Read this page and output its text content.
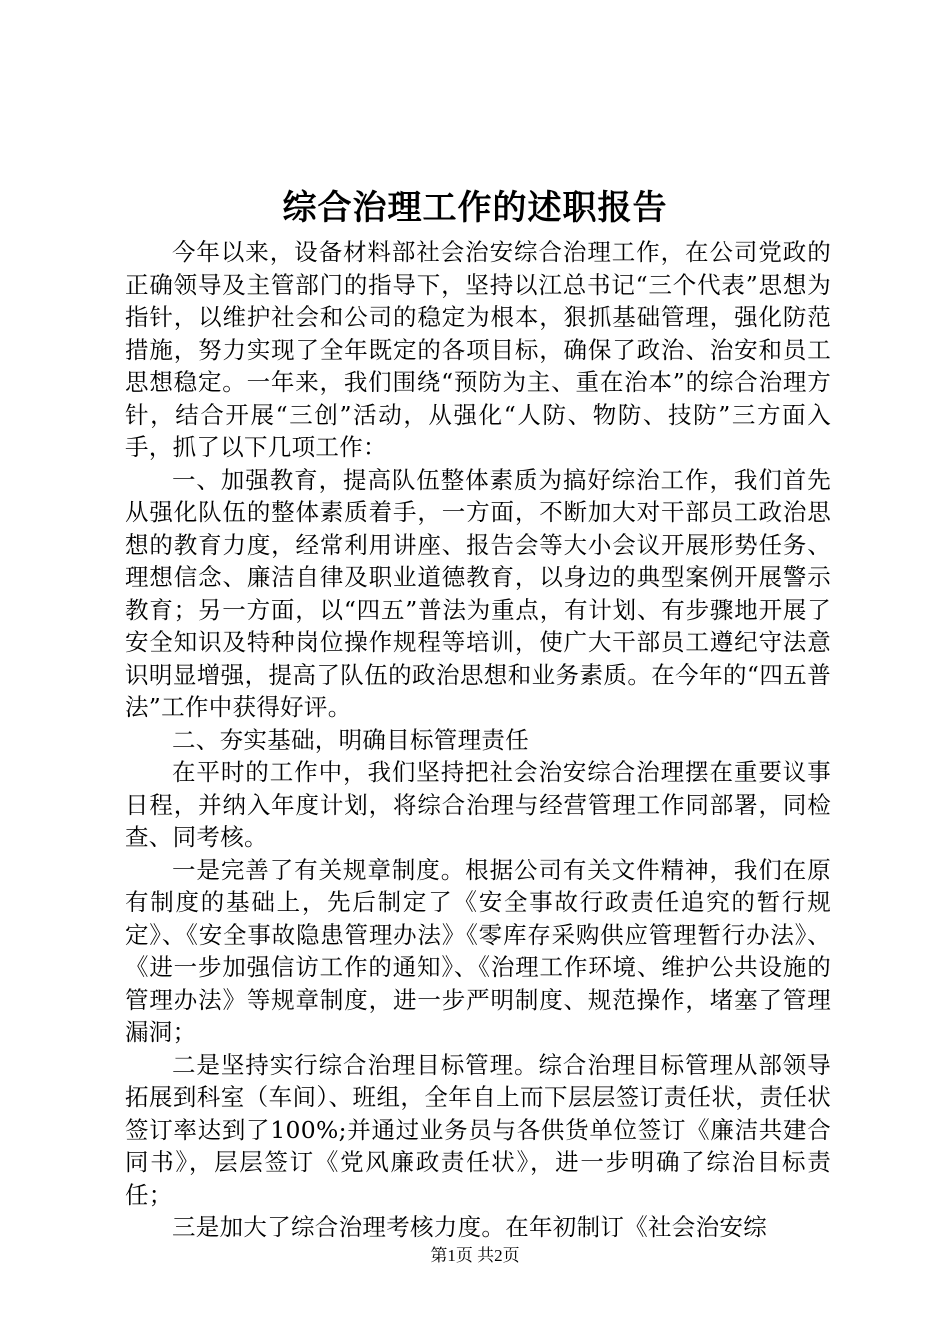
综合治理工作的述职报告

今年以来，设备材料部社会治安综合治理工作，在公司党政的正确领导及主管部门的指导下，坚持以江总书记“三个代表”思想为指针，以维护社会和公司的稳定为根本，狠抓基础管理，强化防范措施，努力实现了全年既定的各项目标，确保了政治、治安和员工思想稳定。一年来，我们围绕“预防为主、重在治本”的综合治理方针，结合开展“三创”活动，从强化“人防、物防、技防”三方面入手，抓了以下几项工作：

一、加强教育，提高队伍整体素质为搞好综治工作，我们首先从强化队伍的整体素质着手，一方面，不断加大对干部员工政治思想的教育力度，经常利用讲座、报告会等大小会议开展形势任务、理想信念、廉洁自律及职业道德教育，以身边的典型案例开展警示教育；另一方面，以“四五”普法为重点，有计划、有步骤地开展了安全知识及特种岗位操作规程等培训，使广大干部员工遵纪守法意识明显增强，提高了队伍的政治思想和业务素质。在今年的“四五普法”工作中获得好评。

二、夯实基础，明确目标管理责任

在平时的工作中，我们坚持把社会治安综合治理摆在重要议事日程，并纳入年度计划，将综合治理与经营管理工作同部署，同检查、同考核。

一是完善了有关规章制度。根据公司有关文件精神，我们在原有制度的基础上，先后制定了《安全事故行政责任追究的暂行规定》、《安全事故隐患管理办法》《零库存采购供应管理暂行办法》、《进一步加强信访工作的通知》、《治理工作环境、维护公共设施的管理办法》等规章制度，进一步严明制度、规范操作，堵塞了管理漏洞；

二是坚持实行综合治理目标管理。综合治理目标管理从部领导拓展到科室（车间）、班组，全年自上而下层层签订责任状，责任状签订率达到了100%;并通过业务员与各供货单位签订《廉洁共建合同书》，层层签订《党风廉政责任状》，进一步明确了综治目标责任；

三是加大了综合治理考核力度。在年初制订《社会治安综

第1页 共2页
